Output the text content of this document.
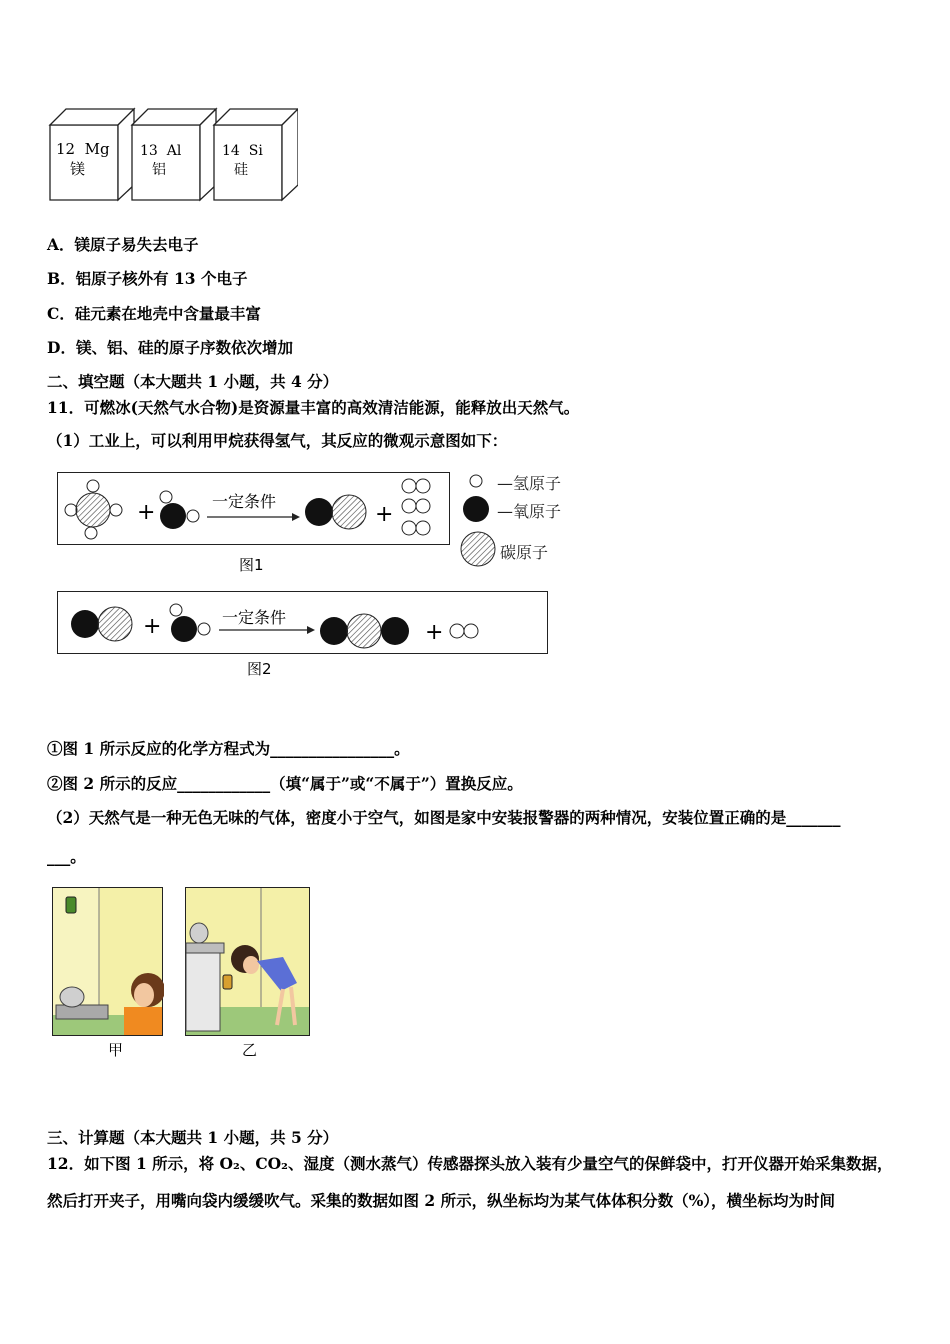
12 Mg
镁
13 Al
铝
14 Si
硅
A．镁原子易失去电子
B．铝原子核外有 13 个电子
C．硅元素在地壳中含量最丰富
D．镁、铝、硅的原子序数依次增加
二、填空题（本大题共 1 小题，共 4 分）
11．可燃冰(天然气水合物)是资源量丰富的高效清洁能源，能释放出天然气。
（1）工业上，可以利用甲烷获得氢气，其反应的微观示意图如下：
+	+
一定条件
图1
—氢原子
—氧原子
碳原子
+	+
一定条件
图2
①图 1 所示反应的化学方程式为________________。
②图 2 所示的反应____________（填“属于”或“不属于”）置换反应。
（2）天然气是一种无色无味的气体，密度小于空气，如图是家中安装报警器的两种情况，安装位置正确的是_______
___。
甲	乙
三、计算题（本大题共 1 小题，共 5 分）
12．如下图 1 所示，将 O₂、CO₂、湿度（测水蒸气）传感器探头放入装有少量空气的保鲜袋中，打开仪器开始采集数据，
然后打开夹子，用嘴向袋内缓缓吹气。采集的数据如图 2 所示，纵坐标均为某气体体积分数（%），横坐标均为时间
